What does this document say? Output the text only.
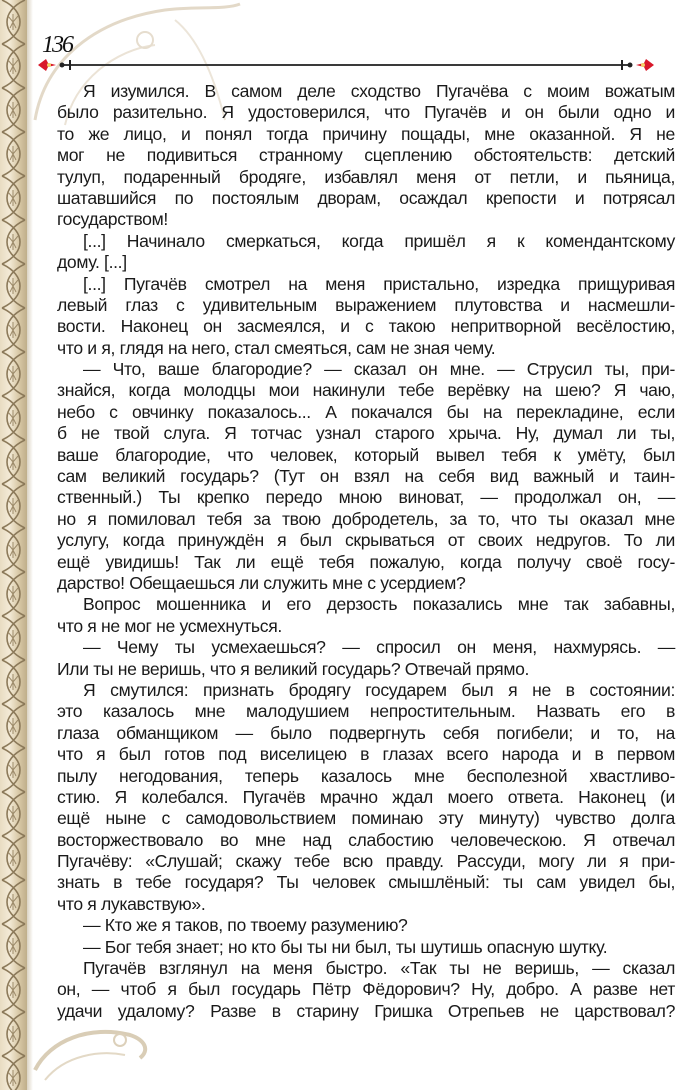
136
Я изумился. В самом деле сходство Пугачёва с моим вожатым
было разительно. Я удостоверился, что Пугачёв и он были одно и
то же лицо, и понял тогда причину пощады, мне оказанной. Я не
мог не подивиться странному сцеплению обстоятельств: детский
тулуп, подаренный бродяге, избавлял меня от петли, и пьяница,
шатавшийся по постоялым дворам, осаждал крепости и потрясал
государством!
[...] Начинало смеркаться, когда пришёл я к комендантскому
дому. [...]
[...] Пугачёв смотрел на меня пристально, изредка прищуривая
левый глаз с удивительным выражением плутовства и насмешли-
вости. Наконец он засмеялся, и с такою непритворной весёлостию,
что и я, глядя на него, стал смеяться, сам не зная чему.
— Что, ваше благородие? — сказал он мне. — Струсил ты, при-
знайся, когда молодцы мои накинули тебе верёвку на шею? Я чаю,
небо с овчинку показалось... А покачался бы на перекладине, если
б не твой слуга. Я тотчас узнал старого хрыча. Ну, думал ли ты,
ваше благородие, что человек, который вывел тебя к умёту, был
сам великий государь? (Тут он взял на себя вид важный и таин-
ственный.) Ты крепко передо мною виноват, — продолжал он, —
но я помиловал тебя за твою добродетель, за то, что ты оказал мне
услугу, когда принуждён я был скрываться от своих недругов. То ли
ещё увидишь! Так ли ещё тебя пожалую, когда получу своё госу-
дарство! Обещаешься ли служить мне с усердием?
Вопрос мошенника и его дерзость показались мне так забавны,
что я не мог не усмехнуться.
— Чему ты усмехаешься? — спросил он меня, нахмурясь. —
Или ты не веришь, что я великий государь? Отвечай прямо.
Я смутился: признать бродягу государем был я не в состоянии:
это казалось мне малодушием непростительным. Назвать его в
глаза обманщиком — было подвергнуть себя погибели; и то, на
что я был готов под виселицею в глазах всего народа и в первом
пылу негодования, теперь казалось мне бесполезной хвастливо-
стию. Я колебался. Пугачёв мрачно ждал моего ответа. Наконец (и
ещё ныне с самодовольствием поминаю эту минуту) чувство долга
восторжествовало во мне над слабостию человеческою. Я отвечал
Пугачёву: «Слушай; скажу тебе всю правду. Рассуди, могу ли я при-
знать в тебе государя? Ты человек смышлёный: ты сам увидел бы,
что я лукавствую».
— Кто же я таков, по твоему разумению?
— Бог тебя знает; но кто бы ты ни был, ты шутишь опасную шутку.
Пугачёв взглянул на меня быстро. «Так ты не веришь, — сказал
он, — чтоб я был государь Пётр Фёдорович? Ну, добро. А разве нет
удачи удалому? Разве в старину Гришка Отрепьев не царствовал?
